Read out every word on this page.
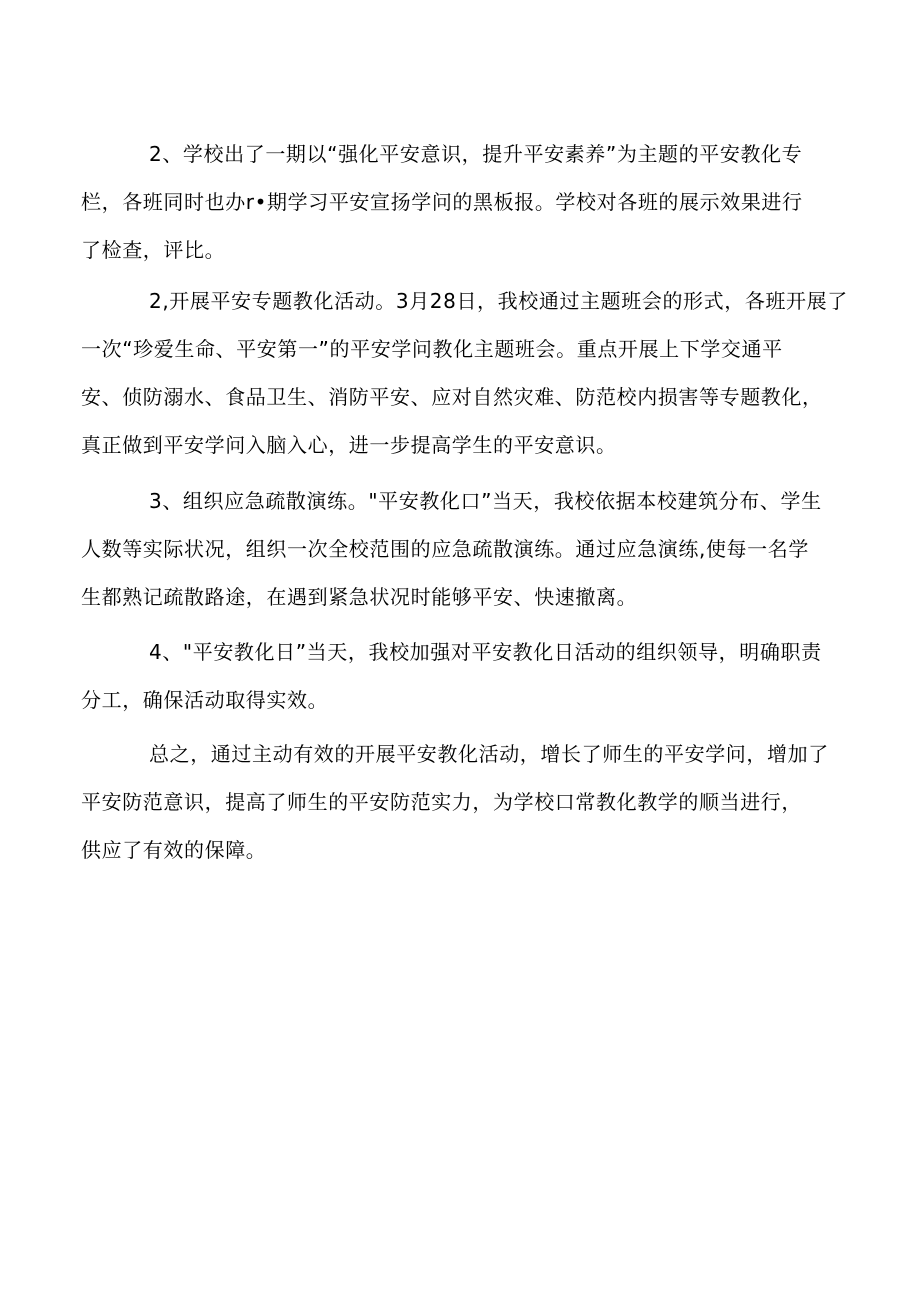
2、学校出了一期以“强化平安意识，提升平安素养”为主题的平安教化专
栏，各班同时也办r•期学习平安宣扬学问的黑板报。学校对各班的展示效果进行
了检查，评比。
2,开展平安专题教化活动。3月28日，我校通过主题班会的形式，各班开展了
一次“珍爱生命、平安第一”的平安学问教化主题班会。重点开展上下学交通平
安、侦防溺水、食品卫生、消防平安、应对自然灾难、防范校内损害等专题教化，
真正做到平安学问入脑入心，进一步提高学生的平安意识。
3、组织应急疏散演练。"平安教化口”当天，我校依据本校建筑分布、学生
人数等实际状况，组织一次全校范围的应急疏散演练。通过应急演练,使每一名学
生都熟记疏散路途，在遇到紧急状况时能够平安、快速撤离。
4、"平安教化日”当天，我校加强对平安教化日活动的组织领导，明确职责
分工，确保活动取得实效。
总之，通过主动有效的开展平安教化活动，增长了师生的平安学问，增加了
平安防范意识，提高了师生的平安防范实力，为学校口常教化教学的顺当进行，
供应了有效的保障。
